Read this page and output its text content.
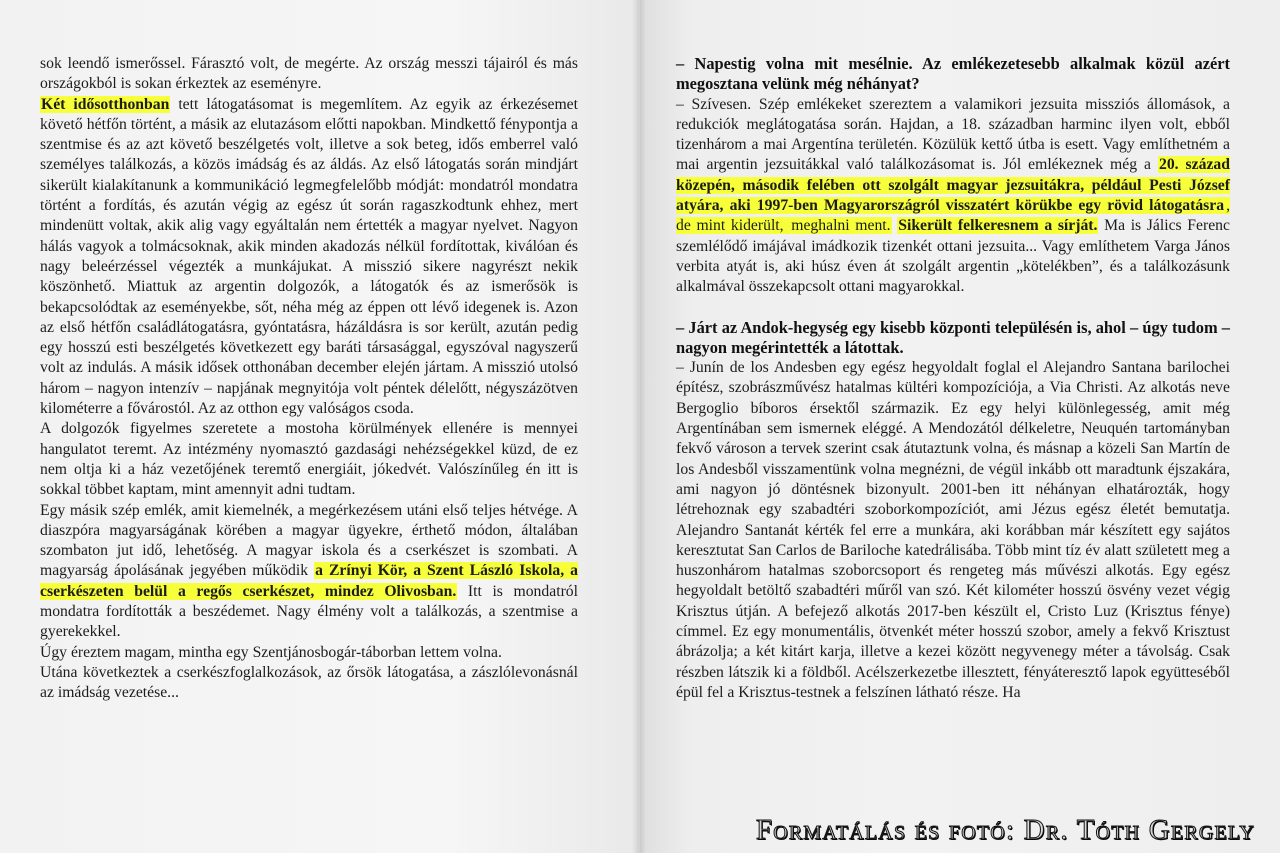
sok leendő ismerőssel. Fárasztó volt, de megérte. Az ország messzi tájairól és más országokból is sokan érkeztek az eseményre.
Két idősotthonban tett látogatásomat is megemlítem. Az egyik az érkezésemet követő hétfőn történt, a másik az elutazásom előtti napokban. Mindkettő fénypontja a szentmise és az azt követő beszélgetés volt, illetve a sok beteg, idős emberrel való személyes találkozás, a közös imádság és az áldás. Az első látogatás során mindjárt sikerült kialakítanunk a kommunikáció legmegfelelőbb módját: mondatról mondatra történt a fordítás, és azután végig az egész út során ragaszkodtunk ehhez, mert mindenütt voltak, akik alig vagy egyáltalán nem értették a magyar nyelvet. Nagyon hálás vagyok a tolmácsoknak, akik minden akadozás nélkül fordítottak, kiválóan és nagy beleérzéssel végezték a munkájukat. A misszió sikere nagyrészt nekik köszönhető. Miattuk az argentin dolgozók, a látogatók és az ismerősök is bekapcsolódtak az eseményekbe, sőt, néha még az éppen ott lévő idegenek is. Azon az első hétfőn családlátogatásra, gyóntatásra, házáldásra is sor került, azután pedig egy hosszú esti beszélgetés következett egy baráti társasággal, egyszóval nagyszerű volt az indulás. A másik idősek otthonában december elején jártam. A misszió utolsó három – nagyon intenzív – napjának megnyitója volt péntek délelőtt, négyszázötven kilométerre a fővárostól. Az az otthon egy valóságos csoda.

A dolgozók figyelmes szeretete a mostoha körülmények ellenére is mennyei hangulatot teremt. Az intézmény nyomasztó gazdasági nehézségekkel küzd, de ez nem oltja ki a ház vezetőjének teremtő energiáit, jókedvét. Valószínűleg én itt is sokkal többet kaptam, mint amennyit adni tudtam.

Egy másik szép emlék, amit kiemelnék, a megérkezésem utáni első teljes hétvége. A diaszpóra magyarságának körében a magyar ügyekre, érthető módon, általában szombaton jut idő, lehetőség. A magyar iskola és a cserkészet is szombati. A magyarság ápolásának jegyében működik a Zrínyi Kör, a Szent László Iskola, a cserkészeten belül a regős cserkészet, mindez Olivosban. Itt is mondatról mondatra fordították a beszédemet. Nagy élmény volt a találkozás, a szentmise a gyerekekkel.

Úgy éreztem magam, mintha egy Szentjánosbogár-táborban lettem volna.

Utána következtek a cserkészfoglalkozások, az őrsök látogatása, a zászlólevonásnál az imádság vezetése...

– Napestig volna mit mesélnie. Az emlékezetesebb alkalmak közül azért megosztana velünk még néhányat?

– Szívesen. Szép emlékeket szereztem a valamikori jezsuita missziós állomások, a redukciók meglátogatása során. Hajdan, a 18. században harminc ilyen volt, ebből tizenhárom a mai Argentína területén. Közülük kettő útba is esett. Vagy említhetném a mai argentin jezsuitákkal való találkozásomat is. Jól emlékeznek még a 20. század közepén, második felében ott szolgált magyar jezsuitákra, például Pesti József atyára, aki 1997-ben Magyarországról visszatért körükbe egy rövid látogatásra , de mint kiderült, meghalni ment. Sikerült felkeresnem a sírját. Ma is Jálics Ferenc szemlélődő imájával imádkozik tizenkét ottani jezsuita... Vagy említhetem Varga János verbita atyát is, aki húsz éven át szolgált argentin „kötelékben”, és a találkozásunk alkalmával összekapcsolt ottani magyarokkal.

– Járt az Andok-hegység egy kisebb központi településén is, ahol – úgy tudom – nagyon megérintették a látottak.

– Junín de los Andesben egy egész hegyoldalt foglal el Alejandro Santana barilochei építész, szobrászművész hatalmas kültéri kompozíciója, a Via Christi. Az alkotás neve Bergoglio bíboros érsektől származik. Ez egy helyi különlegesség, amit még Argentínában sem ismernek eléggé. A Mendozától délkeletre, Neuquén tartományban fekvő városon a tervek szerint csak átutaztunk volna, és másnap a közeli San Martín de los Andesből visszamentünk volna megnézni, de végül inkább ott maradtunk éjszakára, ami nagyon jó döntésnek bizonyult. 2001-ben itt néhányan elhatározták, hogy létrehoznak egy szabadtéri szoborkompozíciót, ami Jézus egész életét bemutatja. Alejandro Santanát kérték fel erre a munkára, aki korábban már készített egy sajátos keresztutat San Carlos de Bariloche katedrálisába. Több mint tíz év alatt született meg a huszonhárom hatalmas szoborcsoport és rengeteg más művészi alkotás. Egy egész hegyoldalt betöltő szabadtéri műről van szó. Két kilométer hosszú ösvény vezet végig Krisztus útján. A befejező alkotás 2017-ben készült el, Cristo Luz (Krisztus fénye) címmel. Ez egy monumentális, ötvenkét méter hosszú szobor, amely a fekvő Krisztust ábrázolja; a két kitárt karja, illetve a kezei között negyvenegy méter a távolság. Csak részben látszik ki a földből. Acélszerkezetbe illesztett, fényáteresztő lapok együtteséből épül fel a Krisztus-testnek a felszínen látható része. Ha

Formatálás és fotó: Dr. Tóth Gergely
